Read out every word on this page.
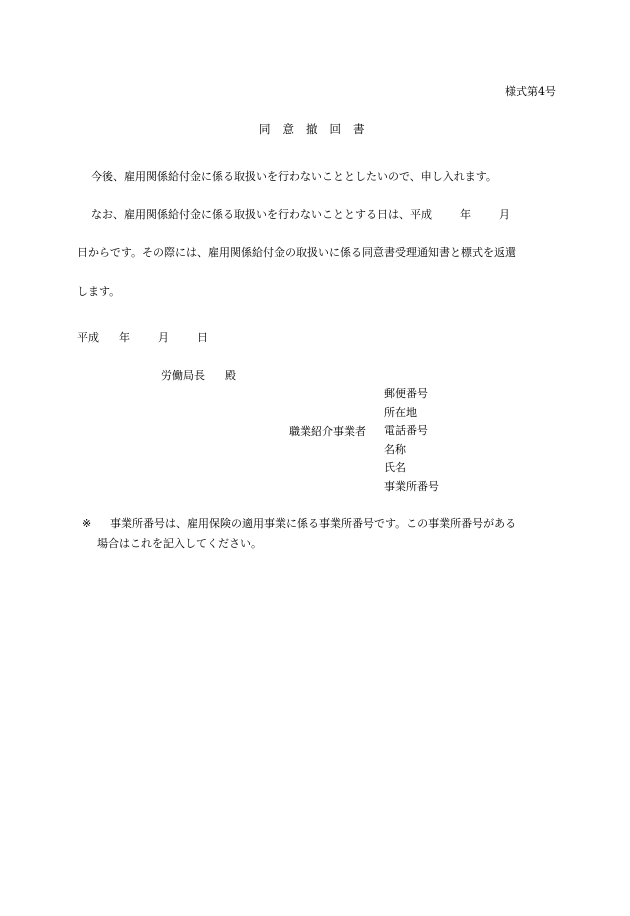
様式第4号
同意撤回書
今後、雇用関係給付金に係る取扱いを行わないこととしたいので、申し入れます。
なお、雇用関係給付金に係る取扱いを行わないこととする日は、平成	年	月
日からです。その際には、雇用関係給付金の取扱いに係る同意書受理通知書と標式を返還
します。
平成 年	月	日
労働局長 殿
職業紹介事業者
郵便番号
所在地
電話番号
名称
氏名
事業所番号
※ 事業所番号は、雇用保険の適用事業に係る事業所番号です。この事業所番号がある
場合はこれを記入してください。
